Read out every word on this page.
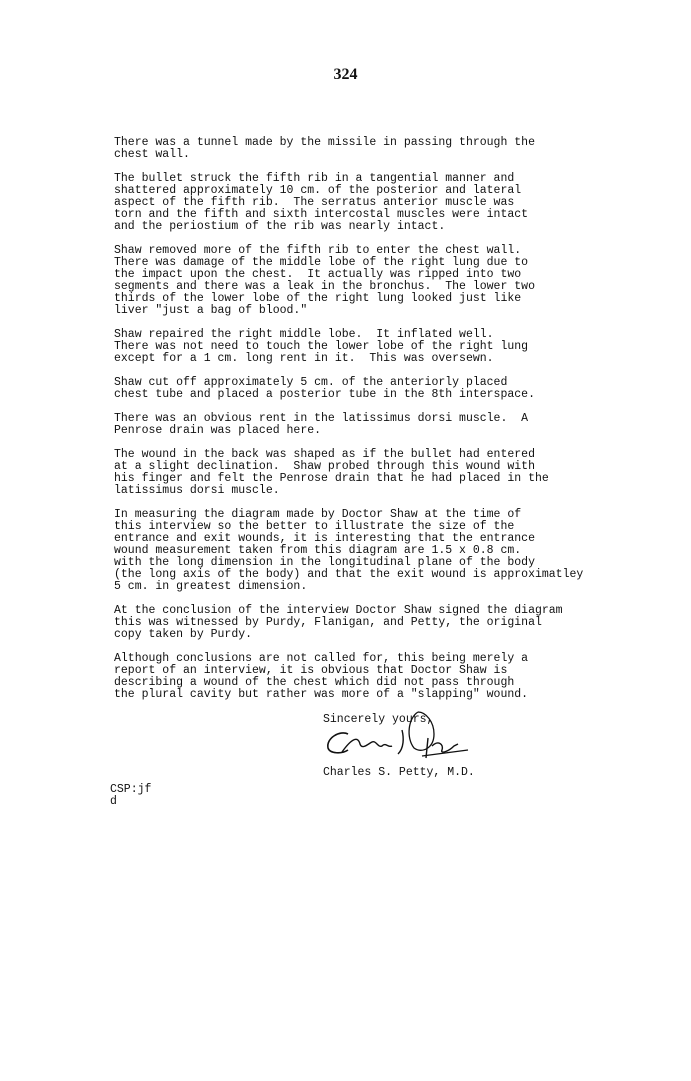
324

There was a tunnel made by the missile in passing through the
chest wall.

The bullet struck the fifth rib in a tangential manner and
shattered approximately 10 cm. of the posterior and lateral
aspect of the fifth rib.  The serratus anterior muscle was
torn and the fifth and sixth intercostal muscles were intact
and the periostium of the rib was nearly intact.

Shaw removed more of the fifth rib to enter the chest wall.
There was damage of the middle lobe of the right lung due to
the impact upon the chest.  It actually was ripped into two
segments and there was a leak in the bronchus.  The lower two
thirds of the lower lobe of the right lung looked just like
liver "just a bag of blood."

Shaw repaired the right middle lobe.  It inflated well.
There was not need to touch the lower lobe of the right lung
except for a 1 cm. long rent in it.  This was oversewn.

Shaw cut off approximately 5 cm. of the anteriorly placed
chest tube and placed a posterior tube in the 8th interspace.

There was an obvious rent in the latissimus dorsi muscle.  A
Penrose drain was placed here.

The wound in the back was shaped as if the bullet had entered
at a slight declination.  Shaw probed through this wound with
his finger and felt the Penrose drain that he had placed in the
latissimus dorsi muscle.

In measuring the diagram made by Doctor Shaw at the time of
this interview so the better to illustrate the size of the
entrance and exit wounds, it is interesting that the entrance
wound measurement taken from this diagram are 1.5 x 0.8 cm.
with the long dimension in the longitudinal plane of the body
(the long axis of the body) and that the exit wound is approximatley
5 cm. in greatest dimension.

At the conclusion of the interview Doctor Shaw signed the diagram
this was witnessed by Purdy, Flanigan, and Petty, the original
copy taken by Purdy.

Although conclusions are not called for, this being merely a
report of an interview, it is obvious that Doctor Shaw is
describing a wound of the chest which did not pass through
the plural cavity but rather was more of a "slapping" wound.

Sincerely yours,
Charles S. Petty, M.D.
CSP:jf
d
